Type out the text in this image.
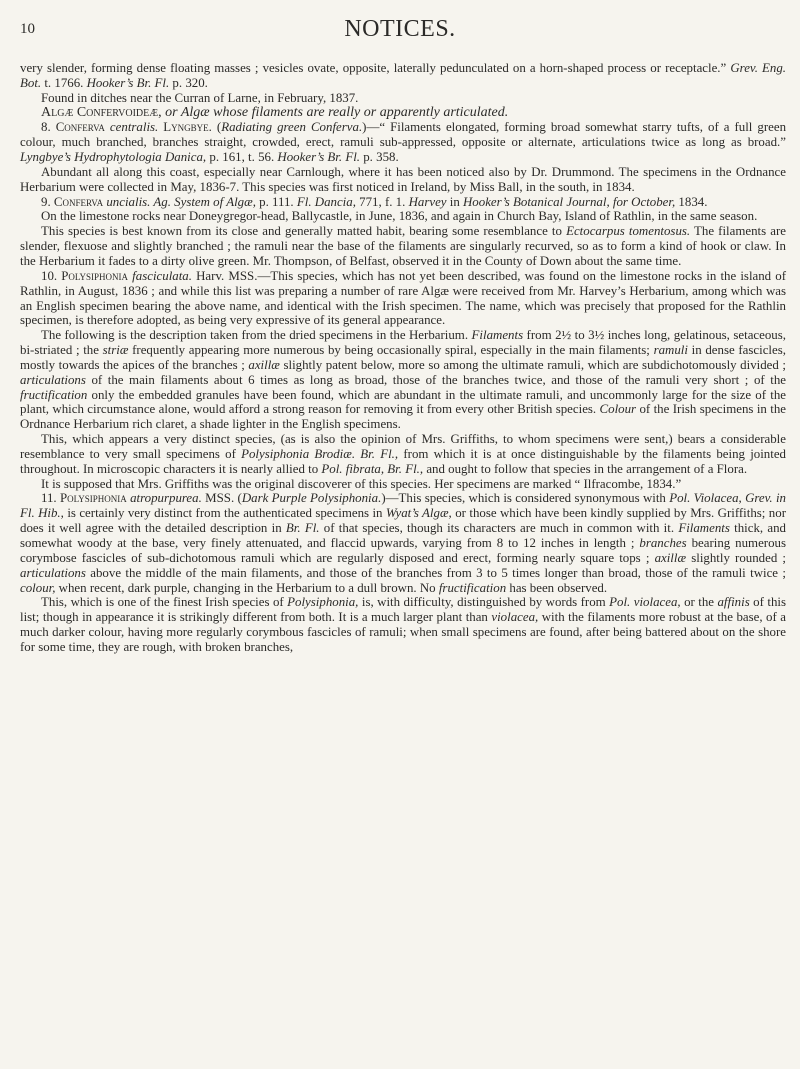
10	NOTICES.

very slender, forming dense floating masses ; vesicles ovate, opposite, laterally pedunculated on a horn-shaped process or receptacle.” Grev. Eng. Bot. t. 1766. Hooker’s Br. Fl. p. 320.

Found in ditches near the Curran of Larne, in February, 1837.

Algæ Confervoideæ, or Algæ whose filaments are really or apparently articulated.

8. Conferva centralis. Lyngbye. (Radiating green Conferva.)—“ Filaments elongated, forming broad somewhat starry tufts, of a full green colour, much branched, branches straight, crowded, erect, ramuli sub-appressed, opposite or alternate, articulations twice as long as broad.” Lyngbye’s Hydrophytologia Danica, p. 161, t. 56. Hooker’s Br. Fl. p. 358.

Abundant all along this coast, especially near Carnlough, where it has been noticed also by Dr. Drummond. The specimens in the Ordnance Herbarium were collected in May, 1836-7. This species was first noticed in Ireland, by Miss Ball, in the south, in 1834.

9. Conferva uncialis. Ag. System of Algæ, p. 111. Fl. Dancia, 771, f. 1. Harvey in Hooker’s Botanical Journal, for October, 1834.

On the limestone rocks near Doneygregor-head, Ballycastle, in June, 1836, and again in Church Bay, Island of Rathlin, in the same season.

This species is best known from its close and generally matted habit, bearing some resemblance to Ectocarpus tomentosus. The filaments are slender, flexuose and slightly branched ; the ramuli near the base of the filaments are singularly recurved, so as to form a kind of hook or claw. In the Herbarium it fades to a dirty olive green. Mr. Thompson, of Belfast, observed it in the County of Down about the same time.

10. Polysiphonia fasciculata. Harv. MSS.—This species, which has not yet been described, was found on the limestone rocks in the island of Rathlin, in August, 1836 ; and while this list was preparing a number of rare Algæ were received from Mr. Harvey’s Herbarium, among which was an English specimen bearing the above name, and identical with the Irish specimen. The name, which was precisely that proposed for the Rathlin specimen, is therefore adopted, as being very expressive of its general appearance.

The following is the description taken from the dried specimens in the Herbarium. Filaments from 2½ to 3½ inches long, gelatinous, setaceous, bi-striated ; the striæ frequently appearing more numerous by being occasionally spiral, especially in the main filaments; ramuli in dense fascicles, mostly towards the apices of the branches ; axillæ slightly patent below, more so among the ultimate ramuli, which are subdichotomously divided ; articulations of the main filaments about 6 times as long as broad, those of the branches twice, and those of the ramuli very short ; of the fructification only the embedded granules have been found, which are abundant in the ultimate ramuli, and uncommonly large for the size of the plant, which circumstance alone, would afford a strong reason for removing it from every other British species. Colour of the Irish specimens in the Ordnance Herbarium rich claret, a shade lighter in the English specimens.

This, which appears a very distinct species, (as is also the opinion of Mrs. Griffiths, to whom specimens were sent,) bears a considerable resemblance to very small specimens of Polysiphonia Brodiæ. Br. Fl., from which it is at once distinguishable by the filaments being jointed throughout. In microscopic characters it is nearly allied to Pol. fibrata, Br. Fl., and ought to follow that species in the arrangement of a Flora.

It is supposed that Mrs. Griffiths was the original discoverer of this species. Her specimens are marked “ Ilfracombe, 1834.”

11. Polysiphonia atropurpurea. MSS. (Dark Purple Polysiphonia.)—This species, which is considered synonymous with Pol. Violacea, Grev. in Fl. Hib., is certainly very distinct from the authenticated specimens in Wyat’s Algæ, or those which have been kindly supplied by Mrs. Griffiths; nor does it well agree with the detailed description in Br. Fl. of that species, though its characters are much in common with it. Filaments thick, and somewhat woody at the base, very finely attenuated, and flaccid upwards, varying from 8 to 12 inches in length ; branches bearing numerous corymbose fascicles of sub-dichotomous ramuli which are regularly disposed and erect, forming nearly square tops ; axillæ slightly rounded ; articulations above the middle of the main filaments, and those of the branches from 3 to 5 times longer than broad, those of the ramuli twice ; colour, when recent, dark purple, changing in the Herbarium to a dull brown. No fructification has been observed.

This, which is one of the finest Irish species of Polysiphonia, is, with difficulty, distinguished by words from Pol. violacea, or the affinis of this list; though in appearance it is strikingly different from both. It is a much larger plant than violacea, with the filaments more robust at the base, of a much darker colour, having more regularly corymbous fascicles of ramuli; when small specimens are found, after being battered about on the shore for some time, they are rough, with broken branches,
